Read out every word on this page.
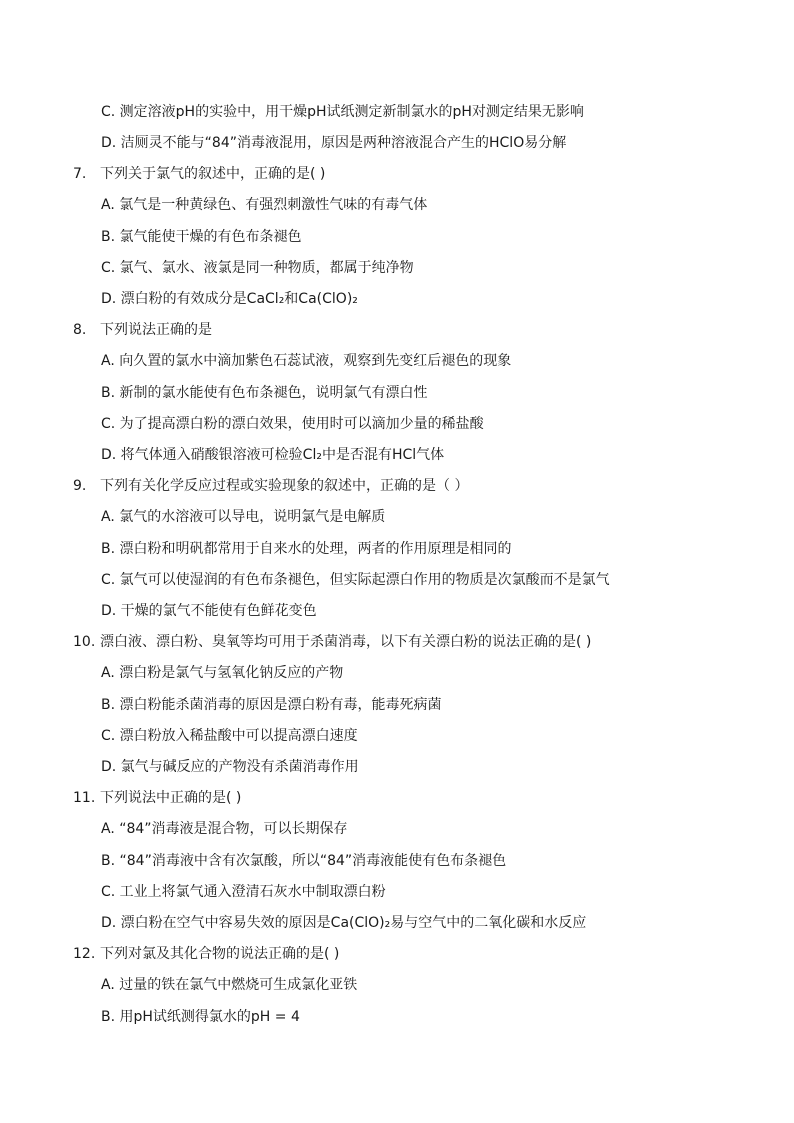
C. 测定溶液pH的实验中，用干燥pH试纸测定新制氯水的pH对测定结果无影响
D. 洁厕灵不能与“84”消毒液混用，原因是两种溶液混合产生的HClO易分解
7. 下列关于氯气的叙述中，正确的是( )
A. 氯气是一种黄绿色、有强烈刺激性气味的有毒气体
B. 氯气能使干燥的有色布条褪色
C. 氯气、氯水、液氯是同一种物质，都属于纯净物
D. 漂白粉的有效成分是CaCl₂和Ca(ClO)₂
8. 下列说法正确的是
A. 向久置的氯水中滴加紫色石蕊试液，观察到先变红后褪色的现象
B. 新制的氯水能使有色布条褪色，说明氯气有漂白性
C. 为了提高漂白粉的漂白效果，使用时可以滴加少量的稀盐酸
D. 将气体通入硝酸银溶液可检验Cl₂中是否混有HCl气体
9. 下列有关化学反应过程或实验现象的叙述中，正确的是（ ）
A. 氯气的水溶液可以导电，说明氯气是电解质
B. 漂白粉和明矾都常用于自来水的处理，两者的作用原理是相同的
C. 氯气可以使湿润的有色布条褪色，但实际起漂白作用的物质是次氯酸而不是氯气
D. 干燥的氯气不能使有色鲜花变色
10. 漂白液、漂白粉、臭氧等均可用于杀菌消毒，以下有关漂白粉的说法正确的是( )
A. 漂白粉是氯气与氢氧化钠反应的产物
B. 漂白粉能杀菌消毒的原因是漂白粉有毒，能毒死病菌
C. 漂白粉放入稀盐酸中可以提高漂白速度
D. 氯气与碱反应的产物没有杀菌消毒作用
11. 下列说法中正确的是( )
A. “84”消毒液是混合物，可以长期保存
B. “84”消毒液中含有次氯酸，所以“84”消毒液能使有色布条褪色
C. 工业上将氯气通入澄清石灰水中制取漂白粉
D. 漂白粉在空气中容易失效的原因是Ca(ClO)₂易与空气中的二氧化碳和水反应
12. 下列对氯及其化合物的说法正确的是( )
A. 过量的铁在氯气中燃烧可生成氯化亚铁
B. 用pH试纸测得氯水的pH = 4
